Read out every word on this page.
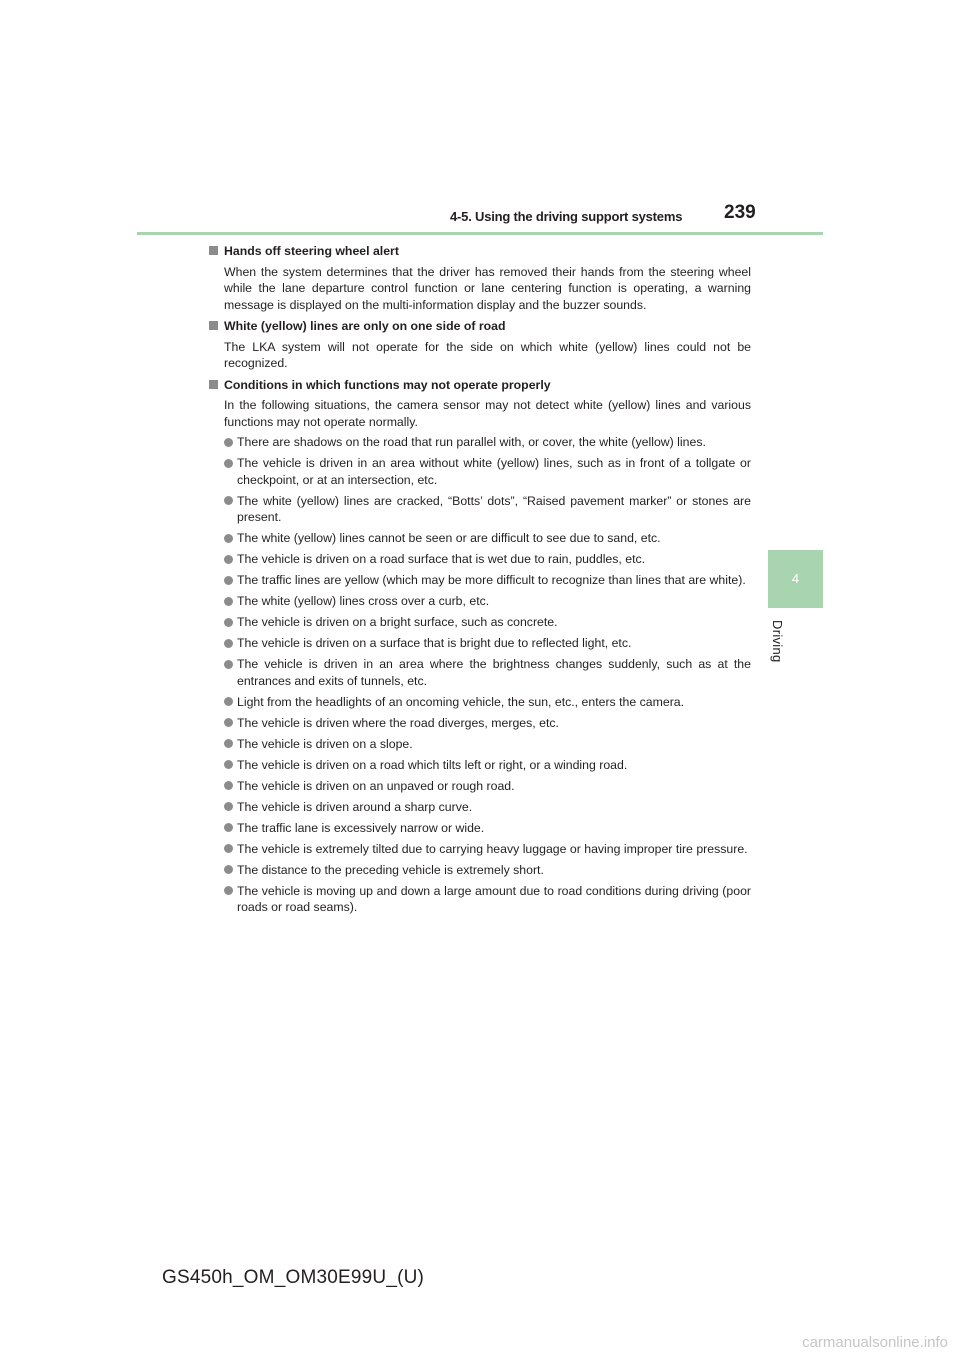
4-5. Using the driving support systems 239
4
Driving
Hands off steering wheel alert
When the system determines that the driver has removed their hands from the steering wheel while the lane departure control function or lane centering function is operating, a warning message is displayed on the multi-information display and the buzzer sounds.
White (yellow) lines are only on one side of road
The LKA system will not operate for the side on which white (yellow) lines could not be recognized.
Conditions in which functions may not operate properly
In the following situations, the camera sensor may not detect white (yellow) lines and various functions may not operate normally.
There are shadows on the road that run parallel with, or cover, the white (yellow) lines.
The vehicle is driven in an area without white (yellow) lines, such as in front of a tollgate or checkpoint, or at an intersection, etc.
The white (yellow) lines are cracked, “Botts’ dots”, “Raised pavement marker” or stones are present.
The white (yellow) lines cannot be seen or are difficult to see due to sand, etc.
The vehicle is driven on a road surface that is wet due to rain, puddles, etc.
The traffic lines are yellow (which may be more difficult to recognize than lines that are white).
The white (yellow) lines cross over a curb, etc.
The vehicle is driven on a bright surface, such as concrete.
The vehicle is driven on a surface that is bright due to reflected light, etc.
The vehicle is driven in an area where the brightness changes suddenly, such as at the entrances and exits of tunnels, etc.
Light from the headlights of an oncoming vehicle, the sun, etc., enters the camera.
The vehicle is driven where the road diverges, merges, etc.
The vehicle is driven on a slope.
The vehicle is driven on a road which tilts left or right, or a winding road.
The vehicle is driven on an unpaved or rough road.
The vehicle is driven around a sharp curve.
The traffic lane is excessively narrow or wide.
The vehicle is extremely tilted due to carrying heavy luggage or having improper tire pressure.
The distance to the preceding vehicle is extremely short.
The vehicle is moving up and down a large amount due to road conditions during driving (poor roads or road seams).
GS450h_OM_OM30E99U_(U)
carmanualsonline.info
